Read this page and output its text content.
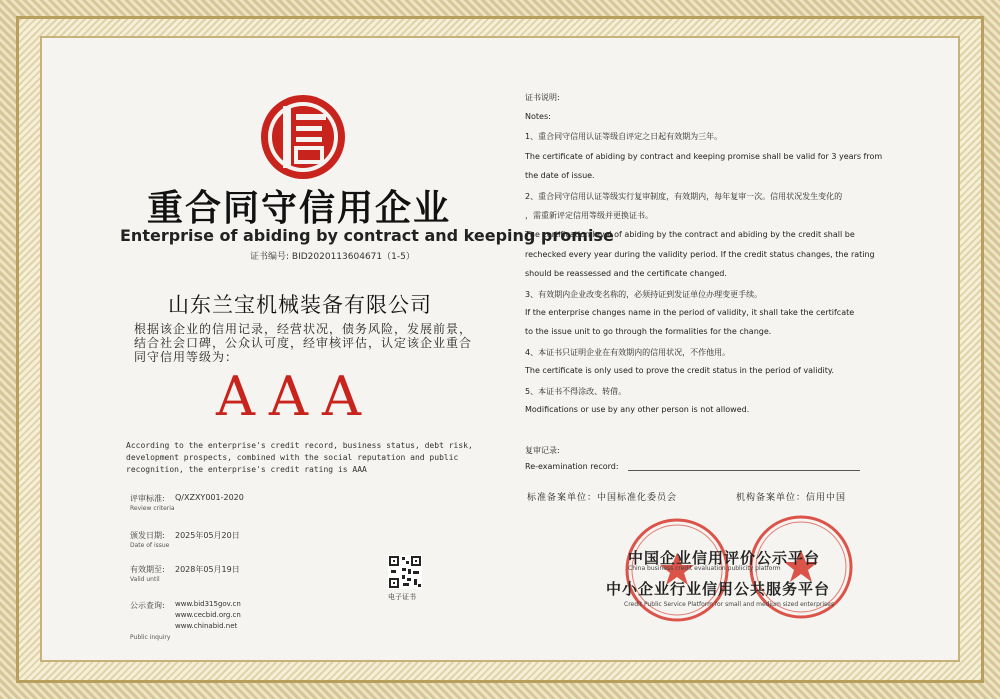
重合同守信用企业
Enterprise of abiding by contract and keeping promise
证书编号: BID2020113604671（1-5）
山东兰宝机械装备有限公司
根据该企业的信用记录，经营状况，债务风险，发展前景，结合社会口碑，公众认可度，经审核评估，认定该企业重合同守信用等级为：
AAA
According to the enterprise's credit record, business status, debt risk, development prospects, combined with the social reputation and public recognition, the enterprise's credit rating is AAA
评审标准:
Review criteria
Q/XZXY001-2020
颁发日期:
Date of issue
2025年05月20日
有效期至:
Valid until
2028年05月19日
公示查询:
Public inquiry
www.bid315gov.cn
www.cecbid.org.cn
www.chinabid.net
电子证书
证书说明:
Notes:
1、重合同守信用认证等级自评定之日起有效期为三年。
The certificate of abiding by contract and keeping promise shall be valid for 3 years from
the date of issue.
2、重合同守信用认证等级实行复审制度，有效期内，每年复审一次。信用状况发生变化的
，需重新评定信用等级并更换证书。
The certification level of abiding by the contract and abiding by the credit shall be
rechecked every year during the validity period. If the credit status changes, the rating
should be reassessed and the certificate changed.
3、有效期内企业改变名称的，必须持证到发证单位办理变更手续。
If the enterprise changes name in the period of validity, it shall take the certifcate
to the issue unit to go through the formalities for the change.
4、本证书只证明企业在有效期内的信用状况，不作他用。
The certificate is only used to prove the credit status in the period of validity.
5、本证书不得涂改、转借。
Modifications or use by any other person is not allowed.
复审记录:
Re-examination record:
标准备案单位：中国标准化委员会	机构备案单位：信用中国
中国企业信用评价公示平台
China business credit evaluation publicity platform
中小企业行业信用公共服务平台
Credit Public Service Platform for small and medium sized enterprises
